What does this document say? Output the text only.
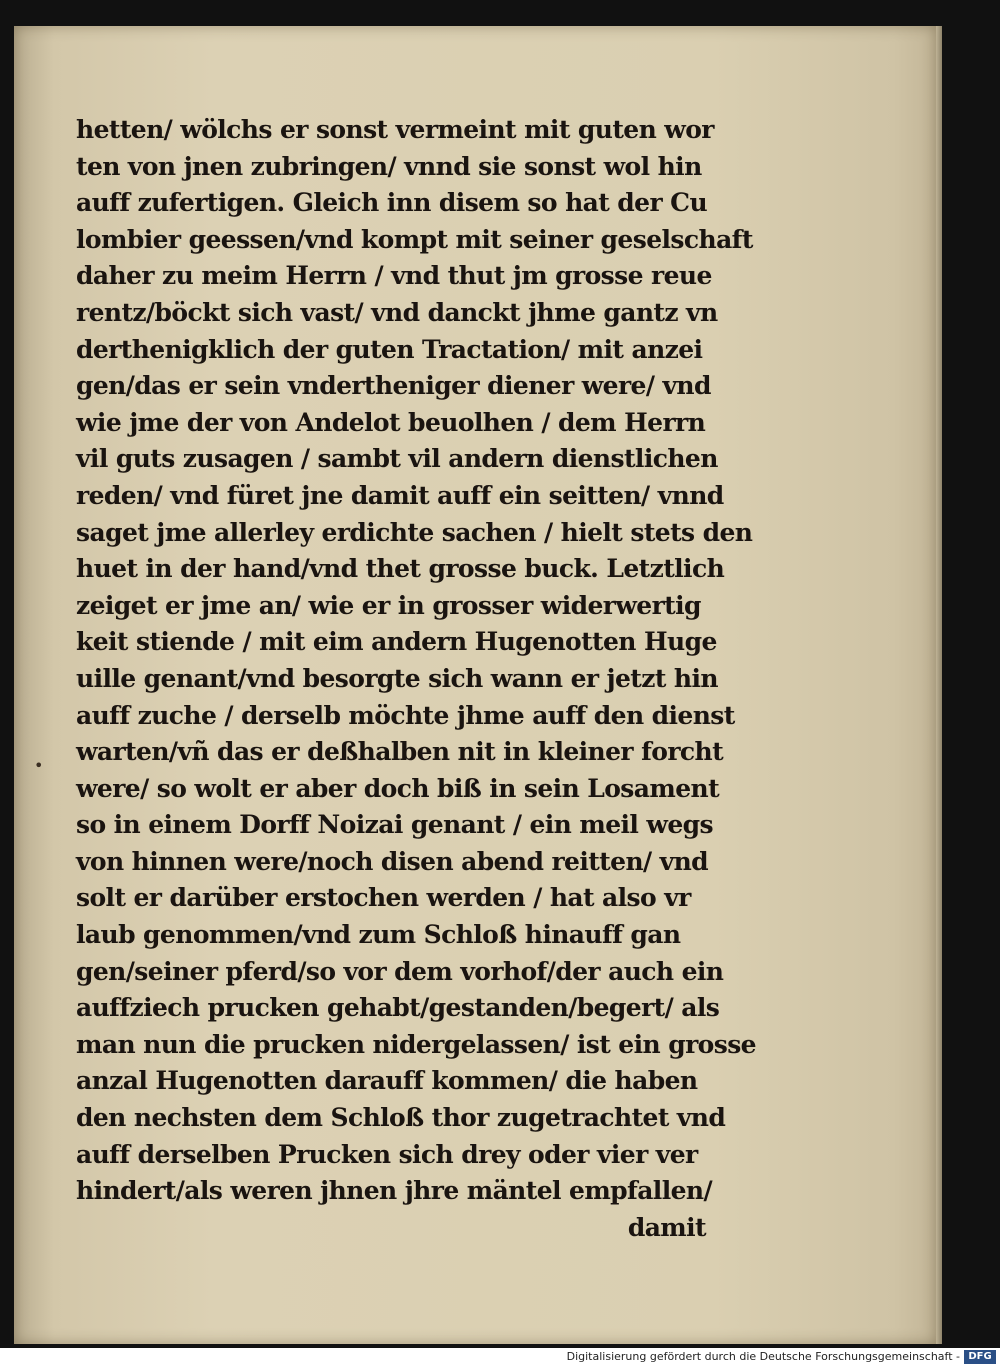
•
hetten/ wölchs er sonst vermeint mit guten wor
ten von jnen zubringen/ vnnd sie sonst wol hin
auff zufertigen. Gleich inn disem so hat der Cu
lombier geessen/vnd kompt mit seiner geselschaft
daher zu meim Herrn / vnd thut jm grosse reue
rentz/böckt sich vast/ vnd danckt jhme gantz vn
derthenigklich der guten Tractation/ mit anzei
gen/das er sein vndertheniger diener were/ vnd
wie jme der von Andelot beuolhen / dem Herrn
vil guts zusagen / sambt vil andern dienstlichen
reden/ vnd füret jne damit auff ein seitten/ vnnd
saget jme allerley erdichte sachen / hielt stets den
huet in der hand/vnd thet grosse buck. Letztlich
zeiget er jme an/ wie er in grosser widerwertig
keit stiende / mit eim andern Hugenotten Huge
uille genant/vnd besorgte sich wann er jetzt hin
auff zuche / derselb möchte jhme auff den dienst
warten/vñ das er deßhalben nit in kleiner forcht
were/ so wolt er aber doch biß in sein Losament
so in einem Dorff Noizai genant / ein meil wegs
von hinnen were/noch disen abend reitten/ vnd
solt er darüber erstochen werden / hat also vr
laub genommen/vnd zum Schloß hinauff gan
gen/seiner pferd/so vor dem vorhof/der auch ein
auffziech prucken gehabt/gestanden/begert/ als
man nun die prucken nidergelassen/ ist ein grosse
anzal Hugenotten darauff kommen/ die haben
den nechsten dem Schloß thor zugetrachtet vnd
auff derselben Prucken sich drey oder vier ver
hindert/als weren jhnen jhre mäntel empfallen/
damit
Digitalisierung gefördert durch die Deutsche Forschungsgemeinschaft - DFG
